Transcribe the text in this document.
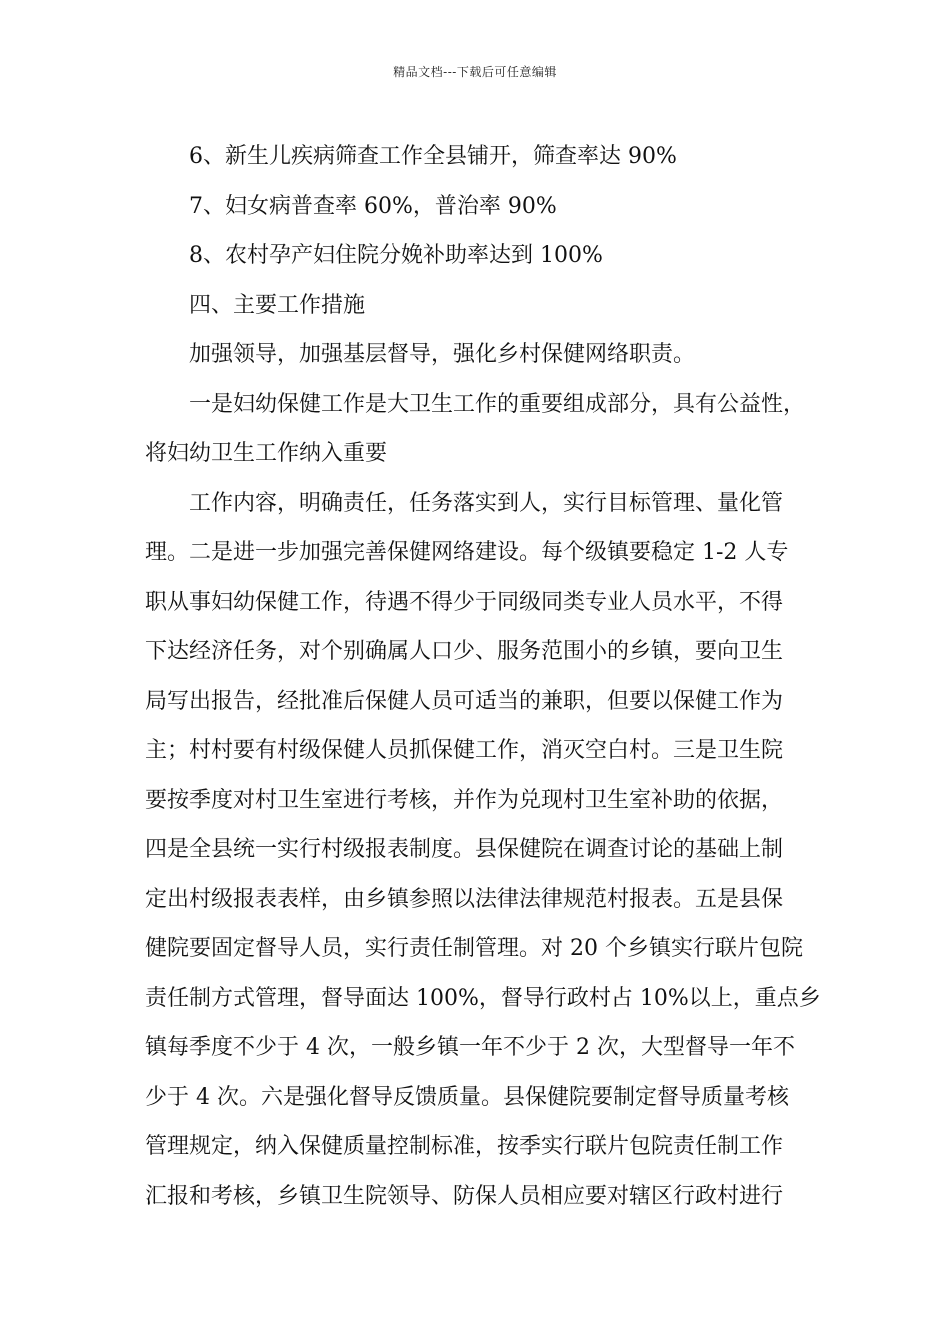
精品文档---下载后可任意编辑
6、新生儿疾病筛查工作全县铺开，筛查率达 90%
7、妇女病普查率 60%，普治率 90%
8、农村孕产妇住院分娩补助率达到 100%
四、主要工作措施
加强领导，加强基层督导，强化乡村保健网络职责。
一是妇幼保健工作是大卫生工作的重要组成部分，具有公益性，
将妇幼卫生工作纳入重要
工作内容，明确责任，任务落实到人，实行目标管理、量化管
理。二是进一步加强完善保健网络建设。每个级镇要稳定 1-2 人专
职从事妇幼保健工作，待遇不得少于同级同类专业人员水平，不得
下达经济任务，对个别确属人口少、服务范围小的乡镇，要向卫生
局写出报告，经批准后保健人员可适当的兼职，但要以保健工作为
主；村村要有村级保健人员抓保健工作，消灭空白村。三是卫生院
要按季度对村卫生室进行考核，并作为兑现村卫生室补助的依据，
四是全县统一实行村级报表制度。县保健院在调查讨论的基础上制
定出村级报表表样，由乡镇参照以法律法律规范村报表。五是县保
健院要固定督导人员，实行责任制管理。对 20 个乡镇实行联片包院
责任制方式管理，督导面达 100%，督导行政村占 10%以上，重点乡
镇每季度不少于 4 次，一般乡镇一年不少于 2 次，大型督导一年不
少于 4 次。六是强化督导反馈质量。县保健院要制定督导质量考核
管理规定，纳入保健质量控制标准，按季实行联片包院责任制工作
汇报和考核，乡镇卫生院领导、防保人员相应要对辖区行政村进行
